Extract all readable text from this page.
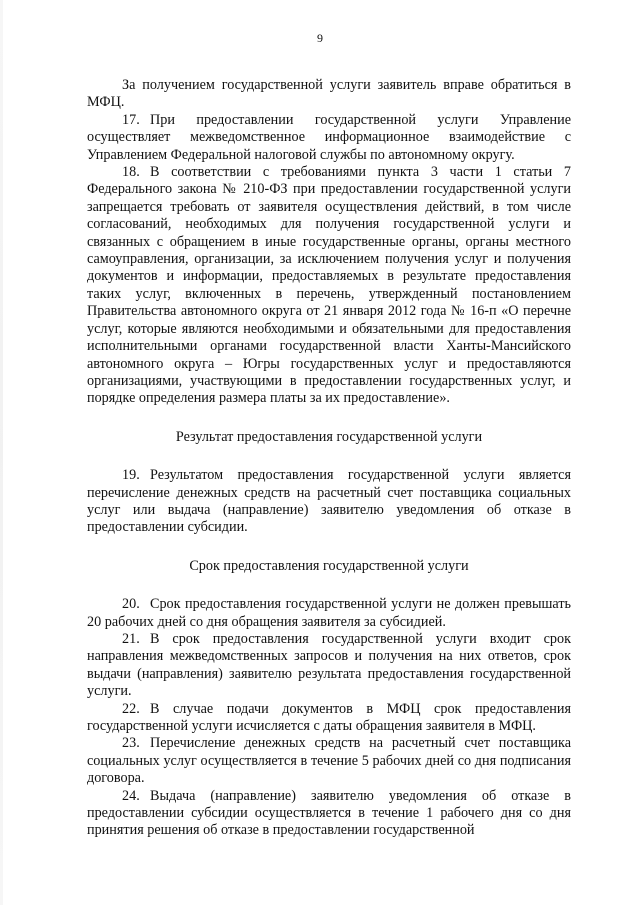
9

За получением государственной услуги заявитель вправе обратиться в МФЦ.

17. При предоставлении государственной услуги Управление осуществляет межведомственное информационное взаимодействие с Управлением Федеральной налоговой службы по автономному округу.

18. В соответствии с требованиями пункта 3 части 1 статьи 7 Федерального закона № 210-ФЗ при предоставлении государственной услуги запрещается требовать от заявителя осуществления действий, в том числе согласований, необходимых для получения государственной услуги и связанных с обращением в иные государственные органы, органы местного самоуправления, организации, за исключением получения услуг и получения документов и информации, предоставляемых в результате предоставления таких услуг, включенных в перечень, утвержденный постановлением Правительства автономного округа от 21 января 2012 года № 16-п «О перечне услуг, которые являются необходимыми и обязательными для предоставления исполнительными органами государственной власти Ханты-Мансийского автономного округа – Югры государственных услуг и предоставляются организациями, участвующими в предоставлении государственных услуг, и порядке определения размера платы за их предоставление».

Результат предоставления государственной услуги

19. Результатом предоставления государственной услуги является перечисление денежных средств на расчетный счет поставщика социальных услуг или выдача (направление) заявителю уведомления об отказе в предоставлении субсидии.

Срок предоставления государственной услуги

20. Срок предоставления государственной услуги не должен превышать 20 рабочих дней со дня обращения заявителя за субсидией.

21. В срок предоставления государственной услуги входит срок направления межведомственных запросов и получения на них ответов, срок выдачи (направления) заявителю результата предоставления государственной услуги.

22. В случае подачи документов в МФЦ срок предоставления государственной услуги исчисляется с даты обращения заявителя в МФЦ.

23. Перечисление денежных средств на расчетный счет поставщика социальных услуг осуществляется в течение 5 рабочих дней со дня подписания договора.

24. Выдача (направление) заявителю уведомления об отказе в предоставлении субсидии осуществляется в течение 1 рабочего дня со дня принятия решения об отказе в предоставлении государственной
